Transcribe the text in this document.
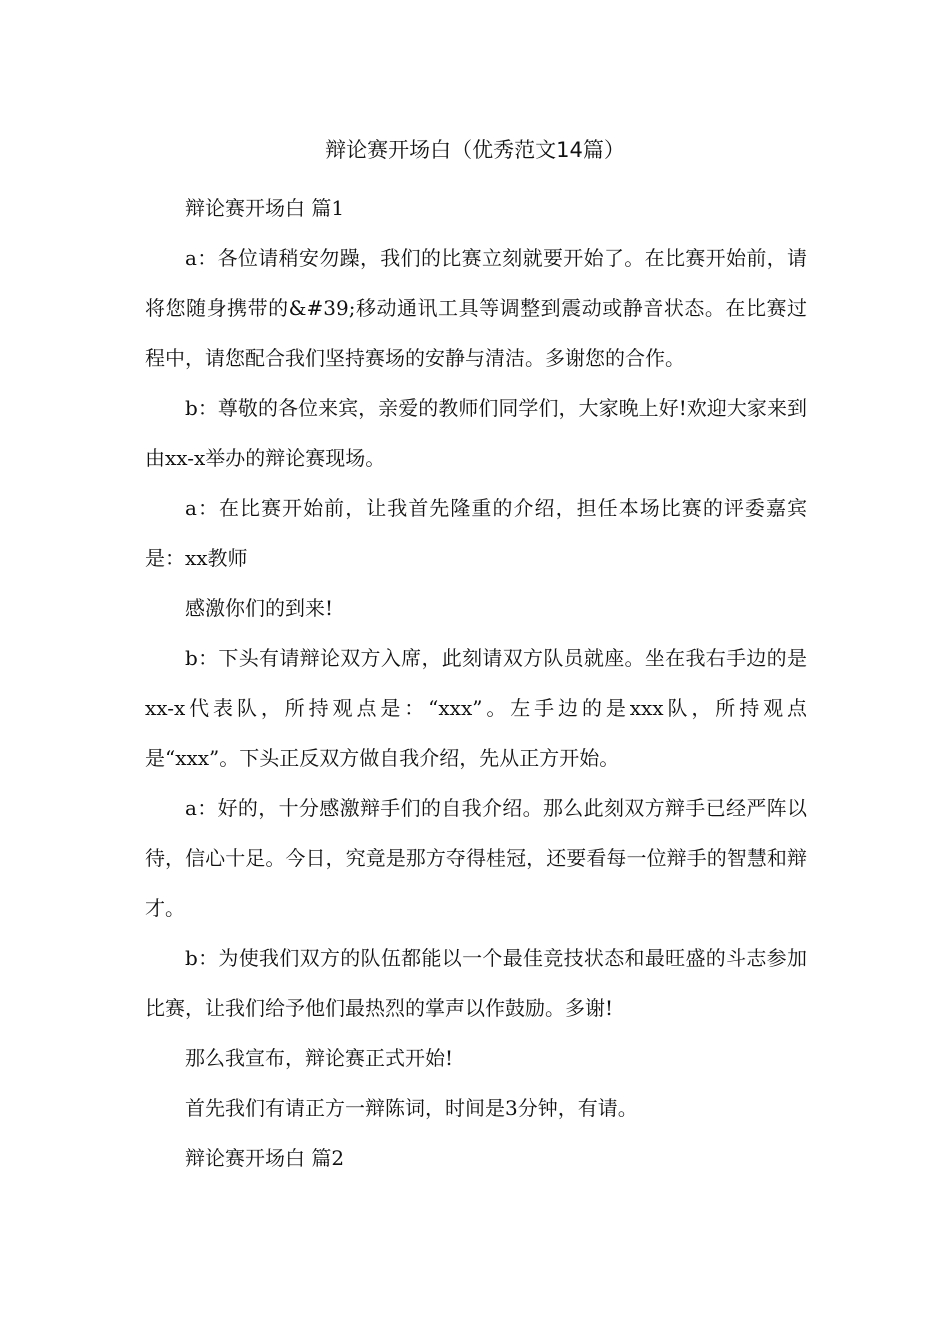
辩论赛开场白（优秀范文14篇）

辩论赛开场白 篇1

a：各位请稍安勿躁，我们的比赛立刻就要开始了。在比赛开始前，请将您随身携带的&#39;移动通讯工具等调整到震动或静音状态。在比赛过程中，请您配合我们坚持赛场的安静与清洁。多谢您的合作。

b：尊敬的各位来宾，亲爱的教师们同学们，大家晚上好!欢迎大家来到由xx-x举办的辩论赛现场。

a：在比赛开始前，让我首先隆重的介绍，担任本场比赛的评委嘉宾是：xx教师

感激你们的到来!

b：下头有请辩论双方入席，此刻请双方队员就座。坐在我右手边的是xx-x代表队，所持观点是：“xxx”。左手边的是xxx队，所持观点是“xxx”。下头正反双方做自我介绍，先从正方开始。

a：好的，十分感激辩手们的自我介绍。那么此刻双方辩手已经严阵以待，信心十足。今日，究竟是那方夺得桂冠，还要看每一位辩手的智慧和辩才。

b：为使我们双方的队伍都能以一个最佳竞技状态和最旺盛的斗志参加比赛，让我们给予他们最热烈的掌声以作鼓励。多谢!

那么我宣布，辩论赛正式开始!

首先我们有请正方一辩陈词，时间是3分钟，有请。

辩论赛开场白 篇2
